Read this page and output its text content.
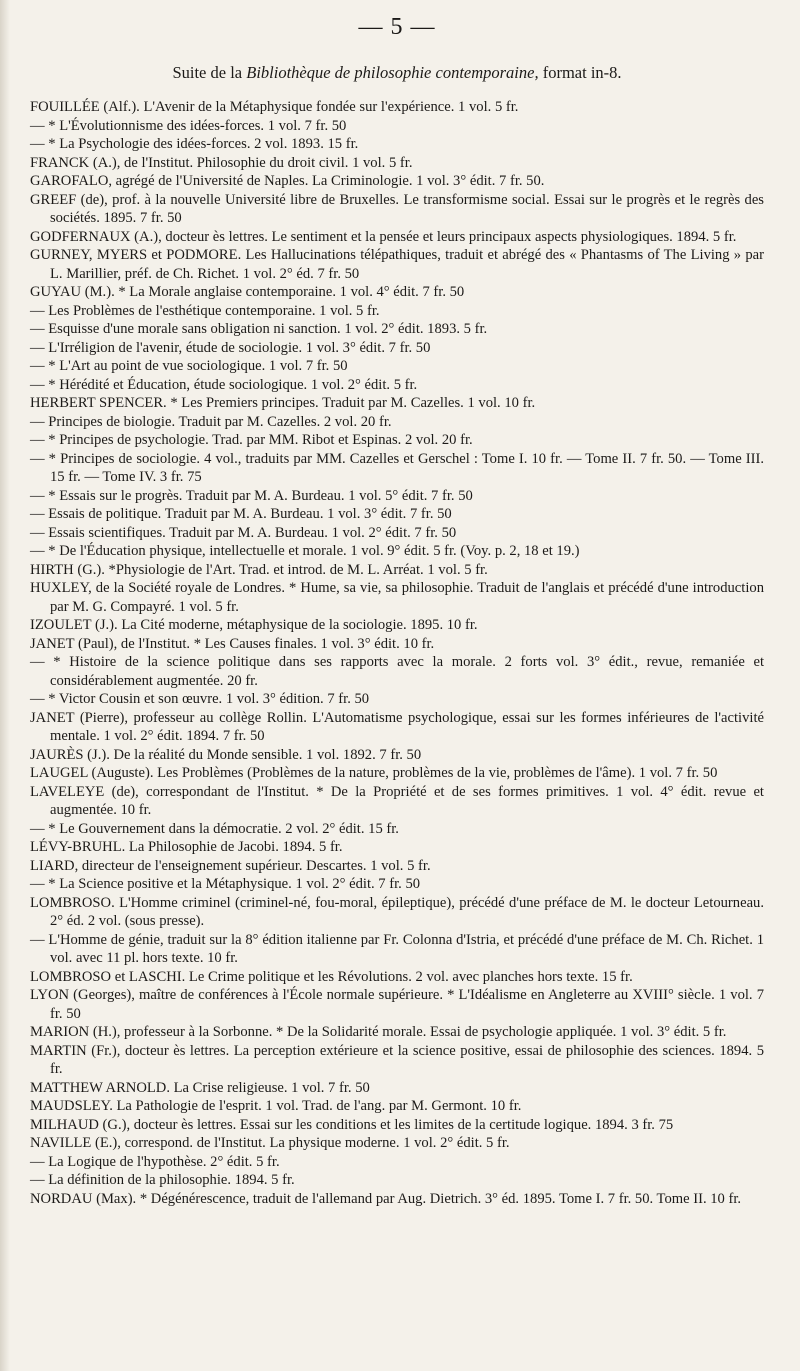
— 5 —
Suite de la Bibliothèque de philosophie contemporaine, format in-8.
FOUILLÉE (Alf.). L'Avenir de la Métaphysique fondée sur l'expérience. 1 vol. 5 fr.
— * L'Évolutionnisme des idées-forces. 1 vol. 7 fr. 50
— * La Psychologie des idées-forces. 2 vol. 1893. 15 fr.
FRANCK (A.), de l'Institut. Philosophie du droit civil. 1 vol. 5 fr.
GAROFALO, agrégé de l'Université de Naples. La Criminologie. 1 vol. 3° édit. 7 fr. 50.
GREEF (de), prof. à la nouvelle Université libre de Bruxelles. Le transformisme social. Essai sur le progrès et le regrès des sociétés. 1895. 7 fr. 50
GODFERNAUX (A.), docteur ès lettres. Le sentiment et la pensée et leurs principaux aspects physiologiques. 1894. 5 fr.
GURNEY, MYERS et PODMORE. Les Hallucinations télépathiques, traduit et abrégé des « Phantasms of The Living » par L. Marillier, préf. de Ch. Richet. 1 vol. 2° éd. 7 fr. 50
GUYAU (M.). * La Morale anglaise contemporaine. 1 vol. 4° édit. 7 fr. 50
— Les Problèmes de l'esthétique contemporaine. 1 vol. 5 fr.
— Esquisse d'une morale sans obligation ni sanction. 1 vol. 2° édit. 1893. 5 fr.
— L'Irréligion de l'avenir, étude de sociologie. 1 vol. 3° édit. 7 fr. 50
— * L'Art au point de vue sociologique. 1 vol. 7 fr. 50
— * Hérédité et Éducation, étude sociologique. 1 vol. 2° édit. 5 fr.
HERBERT SPENCER. * Les Premiers principes. Traduit par M. Cazelles. 1 vol. 10 fr.
— Principes de biologie. Traduit par M. Cazelles. 2 vol. 20 fr.
— * Principes de psychologie. Trad. par MM. Ribot et Espinas. 2 vol. 20 fr.
— * Principes de sociologie. 4 vol., traduits par MM. Cazelles et Gerschel : Tome I. 10 fr. — Tome II. 7 fr. 50. — Tome III. 15 fr. — Tome IV. 3 fr. 75
— * Essais sur le progrès. Traduit par M. A. Burdeau. 1 vol. 5° édit. 7 fr. 50
— Essais de politique. Traduit par M. A. Burdeau. 1 vol. 3° édit. 7 fr. 50
— Essais scientifiques. Traduit par M. A. Burdeau. 1 vol. 2° édit. 7 fr. 50
— * De l'Éducation physique, intellectuelle et morale. 1 vol. 9° édit. 5 fr. (Voy. p. 2, 18 et 19.)
HIRTH (G.). *Physiologie de l'Art. Trad. et introd. de M. L. Arréat. 1 vol. 5 fr.
HUXLEY, de la Société royale de Londres. * Hume, sa vie, sa philosophie. Traduit de l'anglais et précédé d'une introduction par M. G. Compayré. 1 vol. 5 fr.
IZOULET (J.). La Cité moderne, métaphysique de la sociologie. 1895. 10 fr.
JANET (Paul), de l'Institut. * Les Causes finales. 1 vol. 3° édit. 10 fr.
— * Histoire de la science politique dans ses rapports avec la morale. 2 forts vol. 3° édit., revue, remaniée et considérablement augmentée. 20 fr.
— * Victor Cousin et son œuvre. 1 vol. 3° édition. 7 fr. 50
JANET (Pierre), professeur au collège Rollin. L'Automatisme psychologique, essai sur les formes inférieures de l'activité mentale. 1 vol. 2° édit. 1894. 7 fr. 50
JAURÈS (J.). De la réalité du Monde sensible. 1 vol. 1892. 7 fr. 50
LAUGEL (Auguste). Les Problèmes (Problèmes de la nature, problèmes de la vie, problèmes de l'âme). 1 vol. 7 fr. 50
LAVELEYE (de), correspondant de l'Institut. * De la Propriété et de ses formes primitives. 1 vol. 4° édit. revue et augmentée. 10 fr.
— * Le Gouvernement dans la démocratie. 2 vol. 2° édit. 15 fr.
LÉVY-BRUHL. La Philosophie de Jacobi. 1894. 5 fr.
LIARD, directeur de l'enseignement supérieur. Descartes. 1 vol. 5 fr.
— * La Science positive et la Métaphysique. 1 vol. 2° édit. 7 fr. 50
LOMBROSO. L'Homme criminel (criminel-né, fou-moral, épileptique), précédé d'une préface de M. le docteur Letourneau. 2° éd. 2 vol. (sous presse).
— L'Homme de génie, traduit sur la 8° édition italienne par Fr. Colonna d'Istria, et précédé d'une préface de M. Ch. Richet. 1 vol. avec 11 pl. hors texte. 10 fr.
LOMBROSO et LASCHI. Le Crime politique et les Révolutions. 2 vol. avec planches hors texte. 15 fr.
LYON (Georges), maître de conférences à l'École normale supérieure. * L'Idéalisme en Angleterre au XVIII° siècle. 1 vol. 7 fr. 50
MARION (H.), professeur à la Sorbonne. * De la Solidarité morale. Essai de psychologie appliquée. 1 vol. 3° édit. 5 fr.
MARTIN (Fr.), docteur ès lettres. La perception extérieure et la science positive, essai de philosophie des sciences. 1894. 5 fr.
MATTHEW ARNOLD. La Crise religieuse. 1 vol. 7 fr. 50
MAUDSLEY. La Pathologie de l'esprit. 1 vol. Trad. de l'ang. par M. Germont. 10 fr.
MILHAUD (G.), docteur ès lettres. Essai sur les conditions et les limites de la certitude logique. 1894. 3 fr. 75
NAVILLE (E.), correspond. de l'Institut. La physique moderne. 1 vol. 2° édit. 5 fr.
— La Logique de l'hypothèse. 2° édit. 5 fr.
— La définition de la philosophie. 1894. 5 fr.
NORDAU (Max). * Dégénérescence, traduit de l'allemand par Aug. Dietrich. 3° éd. 1895. Tome I. 7 fr. 50. Tome II. 10 fr.
